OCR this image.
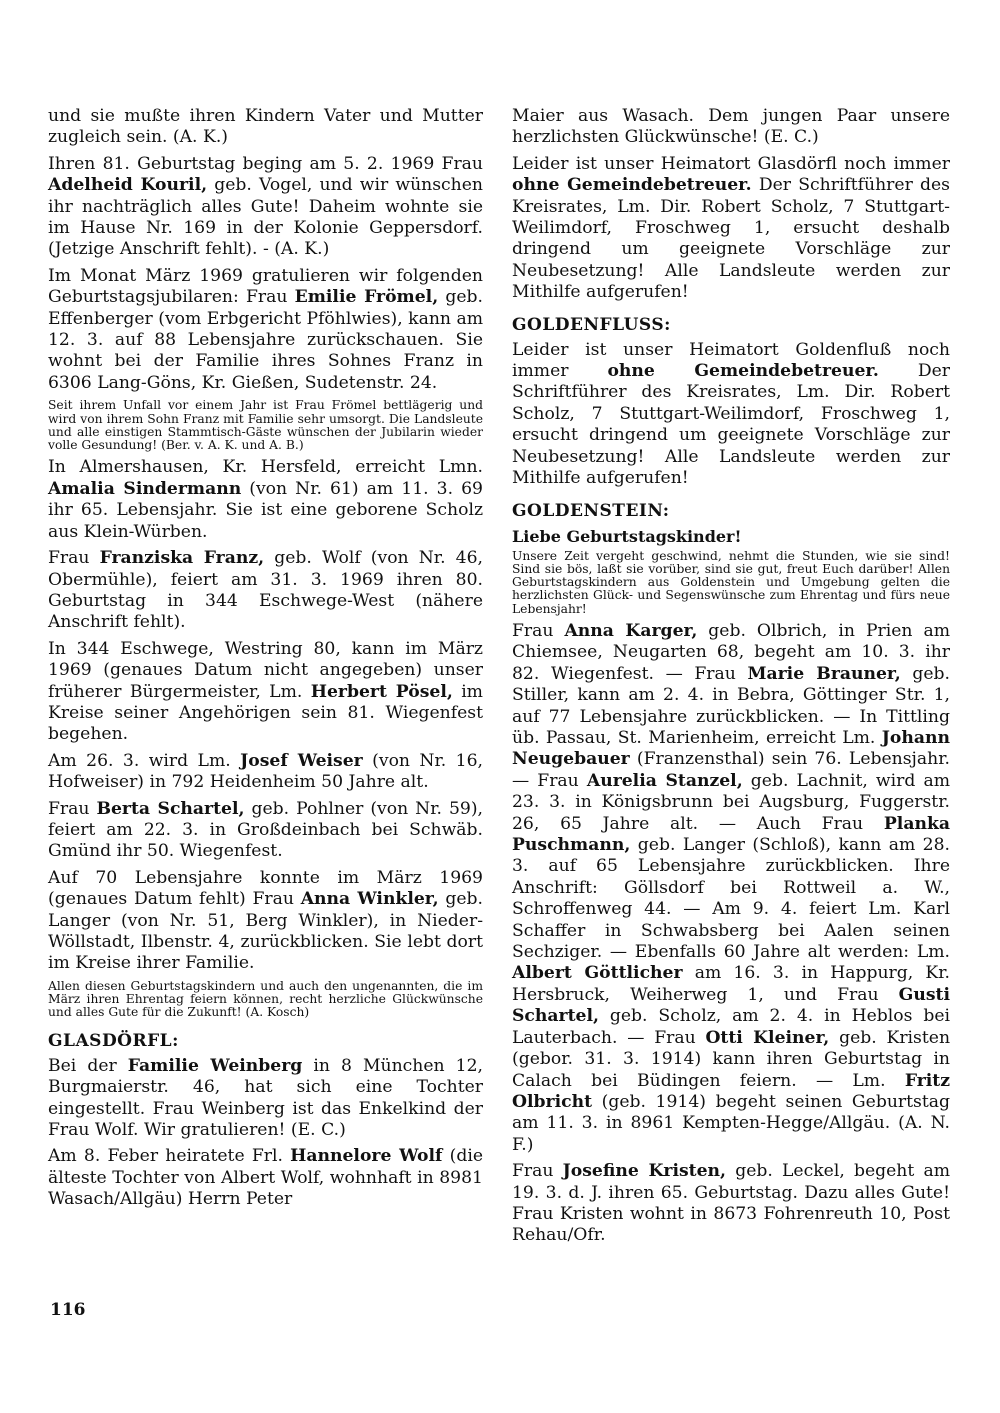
und sie mußte ihren Kindern Vater und Mutter zugleich sein. (A. K.)

Ihren 81. Geburtstag beging am 5. 2. 1969 Frau Adelheid Kouril, geb. Vogel, und wir wünschen ihr nachträglich alles Gute! Daheim wohnte sie im Hause Nr. 169 in der Kolonie Geppersdorf. (Jetzige Anschrift fehlt). - (A. K.)

Im Monat März 1969 gratulieren wir folgenden Geburtstagsjubilaren: Frau Emilie Frömel, geb. Effenberger (vom Erbgericht Pföhlwies), kann am 12. 3. auf 88 Lebensjahre zurückschauen. Sie wohnt bei der Familie ihres Sohnes Franz in 6306 Lang-Göns, Kr. Gießen, Sudetenstr. 24.

Seit ihrem Unfall vor einem Jahr ist Frau Frömel bettlägerig und wird von ihrem Sohn Franz mit Familie sehr umsorgt. Die Landsleute und alle einstigen Stammtisch-Gäste wünschen der Jubilarin wieder volle Gesundung! (Ber. v. A. K. und A. B.)

In Almershausen, Kr. Hersfeld, erreicht Lmn. Amalia Sindermann (von Nr. 61) am 11. 3. 69 ihr 65. Lebensjahr. Sie ist eine geborene Scholz aus Klein-Würben.

Frau Franziska Franz, geb. Wolf (von Nr. 46, Obermühle), feiert am 31. 3. 1969 ihren 80. Geburtstag in 344 Eschwege-West (nähere Anschrift fehlt).

In 344 Eschwege, Westring 80, kann im März 1969 (genaues Datum nicht angegeben) unser früherer Bürgermeister, Lm. Herbert Pösel, im Kreise seiner Angehörigen sein 81. Wiegenfest begehen.

Am 26. 3. wird Lm. Josef Weiser (von Nr. 16, Hofweiser) in 792 Heidenheim 50 Jahre alt.

Frau Berta Schartel, geb. Pohlner (von Nr. 59), feiert am 22. 3. in Großdeinbach bei Schwäb. Gmünd ihr 50. Wiegenfest.

Auf 70 Lebensjahre konnte im März 1969 (genaues Datum fehlt) Frau Anna Winkler, geb. Langer (von Nr. 51, Berg Winkler), in Nieder-Wöllstadt, Ilbenstr. 4, zurückblicken. Sie lebt dort im Kreise ihrer Familie.

Allen diesen Geburtstagskindern und auch den ungenannten, die im März ihren Ehrentag feiern können, recht herzliche Glückwünsche und alles Gute für die Zukunft! (A. Kosch)

GLASDÖRFL:

Bei der Familie Weinberg in 8 München 12, Burgmaierstr. 46, hat sich eine Tochter eingestellt. Frau Weinberg ist das Enkelkind der Frau Wolf. Wir gratulieren! (E. C.)

Am 8. Feber heiratete Frl. Hannelore Wolf (die älteste Tochter von Albert Wolf, wohnhaft in 8981 Wasach/Allgäu) Herrn Peter

Maier aus Wasach. Dem jungen Paar unsere herzlichsten Glückwünsche! (E. C.)

Leider ist unser Heimatort Glasdörfl noch immer ohne Gemeindebetreuer. Der Schriftführer des Kreisrates, Lm. Dir. Robert Scholz, 7 Stuttgart-Weilimdorf, Froschweg 1, ersucht deshalb dringend um geeignete Vorschläge zur Neubesetzung! Alle Landsleute werden zur Mithilfe aufgerufen!

GOLDENFLUSS:

Leider ist unser Heimatort Goldenfluß noch immer ohne Gemeindebetreuer. Der Schriftführer des Kreisrates, Lm. Dir. Robert Scholz, 7 Stuttgart-Weilimdorf, Froschweg 1, ersucht dringend um geeignete Vorschläge zur Neubesetzung! Alle Landsleute werden zur Mithilfe aufgerufen!

GOLDENSTEIN:
Liebe Geburtstagskinder!

Unsere Zeit vergeht geschwind, nehmt die Stunden, wie sie sind! Sind sie bös, laßt sie vorüber, sind sie gut, freut Euch darüber! Allen Geburtstagskindern aus Goldenstein und Umgebung gelten die herzlichsten Glück- und Segenswünsche zum Ehrentag und fürs neue Lebensjahr!

Frau Anna Karger, geb. Olbrich, in Prien am Chiemsee, Neugarten 68, begeht am 10. 3. ihr 82. Wiegenfest. — Frau Marie Brauner, geb. Stiller, kann am 2. 4. in Bebra, Göttinger Str. 1, auf 77 Lebensjahre zurückblicken. — In Tittling üb. Passau, St. Marienheim, erreicht Lm. Johann Neugebauer (Franzensthal) sein 76. Lebensjahr. — Frau Aurelia Stanzel, geb. Lachnit, wird am 23. 3. in Königsbrunn bei Augsburg, Fuggerstr. 26, 65 Jahre alt. — Auch Frau Planka Puschmann, geb. Langer (Schloß), kann am 28. 3. auf 65 Lebensjahre zurückblicken. Ihre Anschrift: Göllsdorf bei Rottweil a. W., Schroffenweg 44. — Am 9. 4. feiert Lm. Karl Schaffer in Schwabsberg bei Aalen seinen Sechziger. — Ebenfalls 60 Jahre alt werden: Lm. Albert Göttlicher am 16. 3. in Happurg, Kr. Hersbruck, Weiherweg 1, und Frau Gusti Schartel, geb. Scholz, am 2. 4. in Heblos bei Lauterbach. — Frau Otti Kleiner, geb. Kristen (gebor. 31. 3. 1914) kann ihren Geburtstag in Calach bei Büdingen feiern. — Lm. Fritz Olbricht (geb. 1914) begeht seinen Geburtstag am 11. 3. in 8961 Kempten-Hegge/Allgäu. (A. N. F.)

Frau Josefine Kristen, geb. Leckel, begeht am 19. 3. d. J. ihren 65. Geburtstag. Dazu alles Gute! Frau Kristen wohnt in 8673 Fohrenreuth 10, Post Rehau/Ofr.

116
